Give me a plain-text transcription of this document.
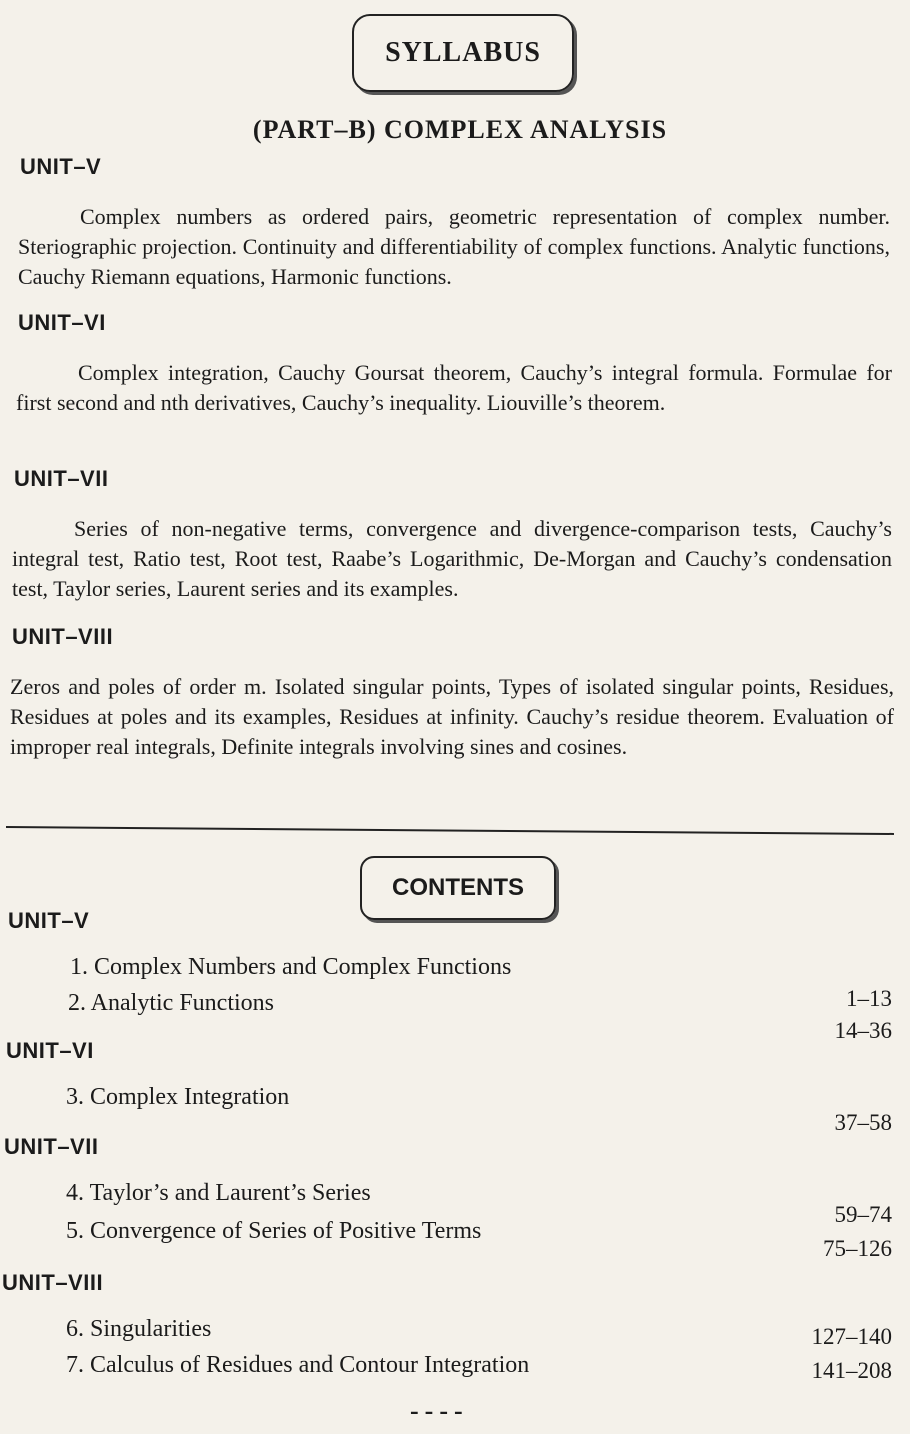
SYLLABUS
(PART–B) COMPLEX ANALYSIS
UNIT–V
Complex numbers as ordered pairs, geometric representation of complex number. Steriographic projection. Continuity and differentiability of complex functions. Analytic functions, Cauchy Riemann equations, Harmonic functions.
UNIT–VI
Complex integration, Cauchy Goursat theorem, Cauchy’s integral formula. Formulae for first second and nth derivatives, Cauchy’s inequality. Liouville’s theorem.
UNIT–VII
Series of non-negative terms, convergence and divergence-comparison tests, Cauchy’s integral test, Ratio test, Root test, Raabe’s Logarithmic, De-Morgan and Cauchy’s condensation test, Taylor series, Laurent series and its examples.
UNIT–VIII
Zeros and poles of order m. Isolated singular points, Types of isolated singular points, Residues, Residues at poles and its examples, Residues at infinity. Cauchy’s residue theorem. Evaluation of improper real integrals, Definite integrals involving sines and cosines.
CONTENTS
UNIT–V
1. Complex Numbers and Complex Functions
1–13
2. Analytic Functions
14–36
UNIT–VI
3. Complex Integration
37–58
UNIT–VII
4. Taylor’s and Laurent’s Series
59–74
5. Convergence of Series of Positive Terms
75–126
UNIT–VIII
6. Singularities	127–140
7. Calculus of Residues and Contour Integration	141–208
----
